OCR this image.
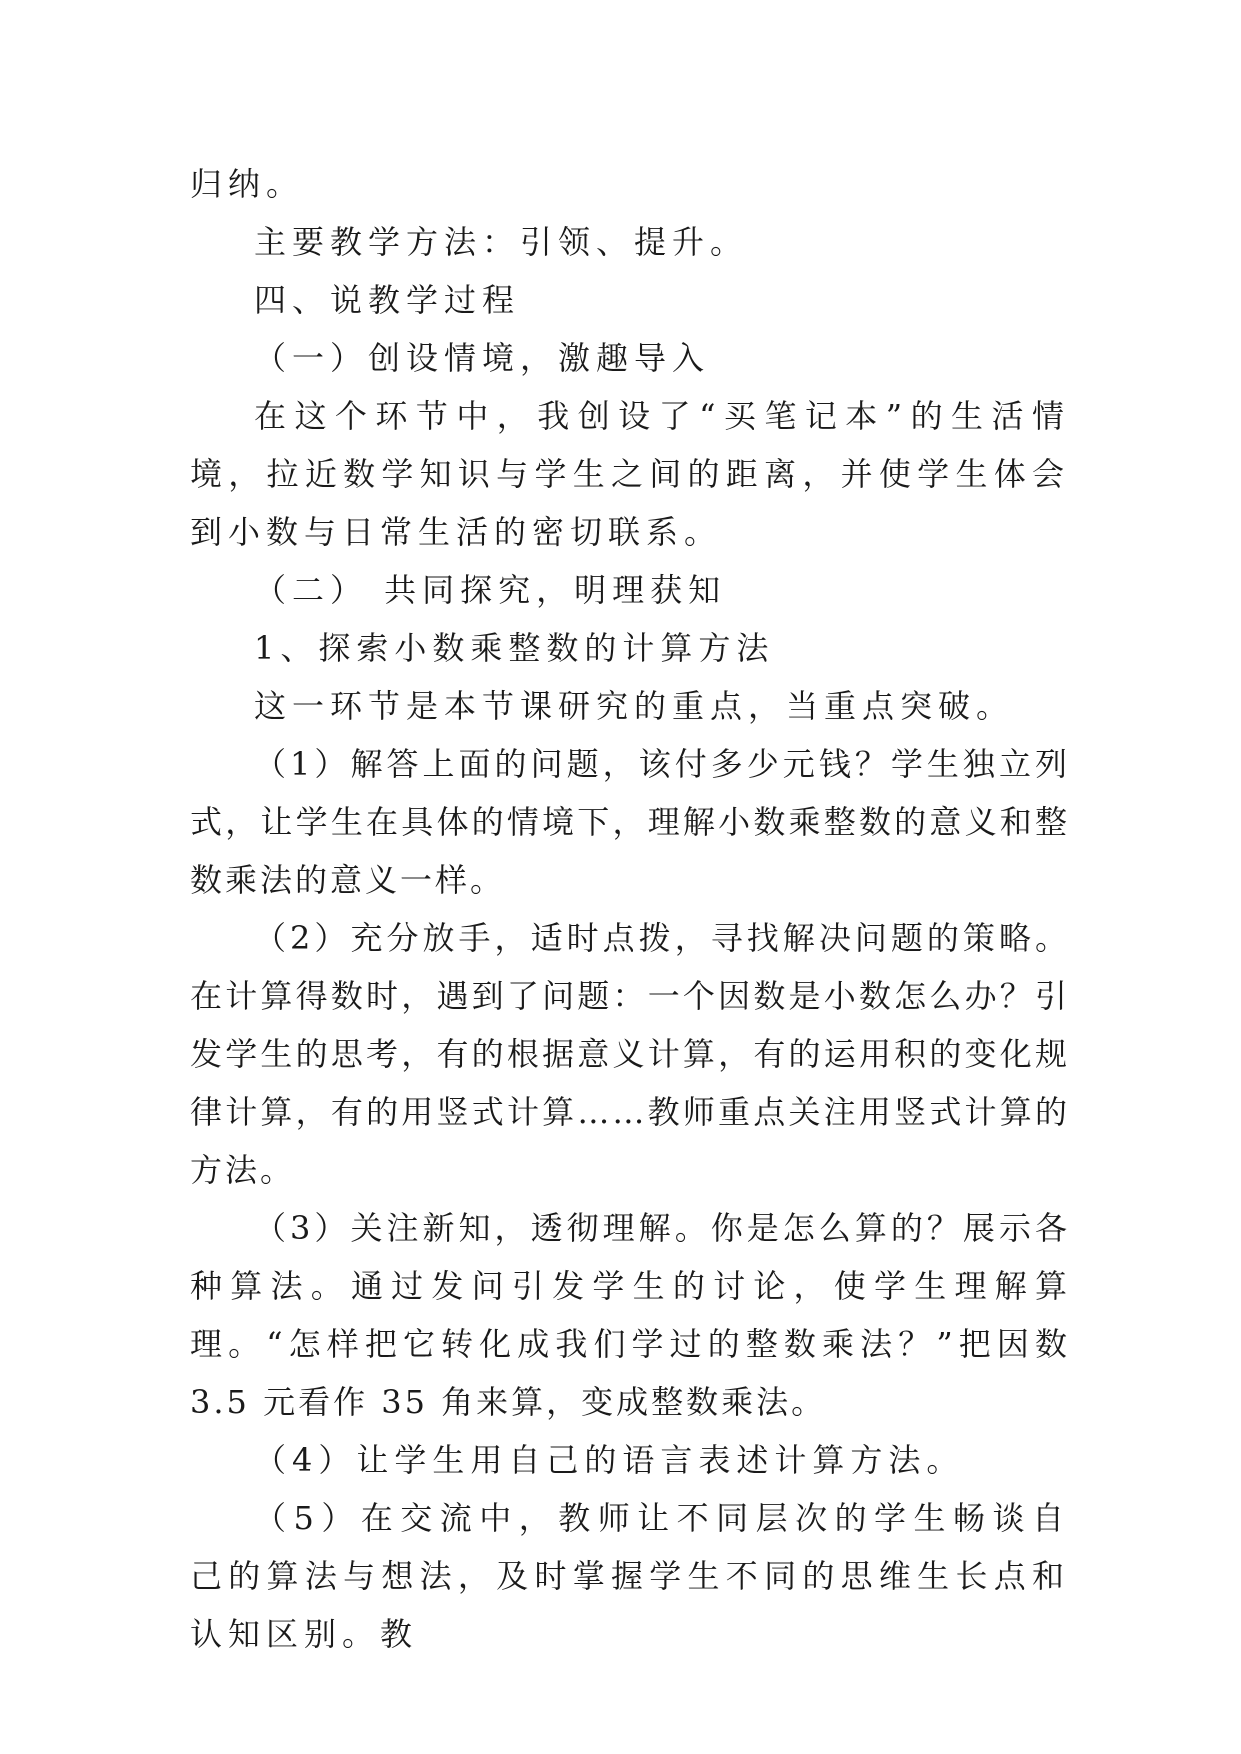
归纳。

主要教学方法：引领、提升。

四、说教学过程

（一）创设情境，激趣导入

在这个环节中，我创设了“买笔记本”的生活情境，拉近数学知识与学生之间的距离，并使学生体会到小数与日常生活的密切联系。

（二） 共同探究，明理获知

1、探索小数乘整数的计算方法

这一环节是本节课研究的重点，当重点突破。

（1）解答上面的问题，该付多少元钱？学生独立列式，让学生在具体的情境下，理解小数乘整数的意义和整数乘法的意义一样。

（2）充分放手，适时点拨，寻找解决问题的策略。在计算得数时，遇到了问题：一个因数是小数怎么办？引发学生的思考，有的根据意义计算，有的运用积的变化规律计算，有的用竖式计算……教师重点关注用竖式计算的方法。

（3）关注新知，透彻理解。你是怎么算的？展示各种算法。通过发问引发学生的讨论，使学生理解算理。“怎样把它转化成我们学过的整数乘法？”把因数 3.5 元看作 35 角来算，变成整数乘法。

（4）让学生用自己的语言表述计算方法。

（5）在交流中，教师让不同层次的学生畅谈自己的算法与想法，及时掌握学生不同的思维生长点和认知区别。教
